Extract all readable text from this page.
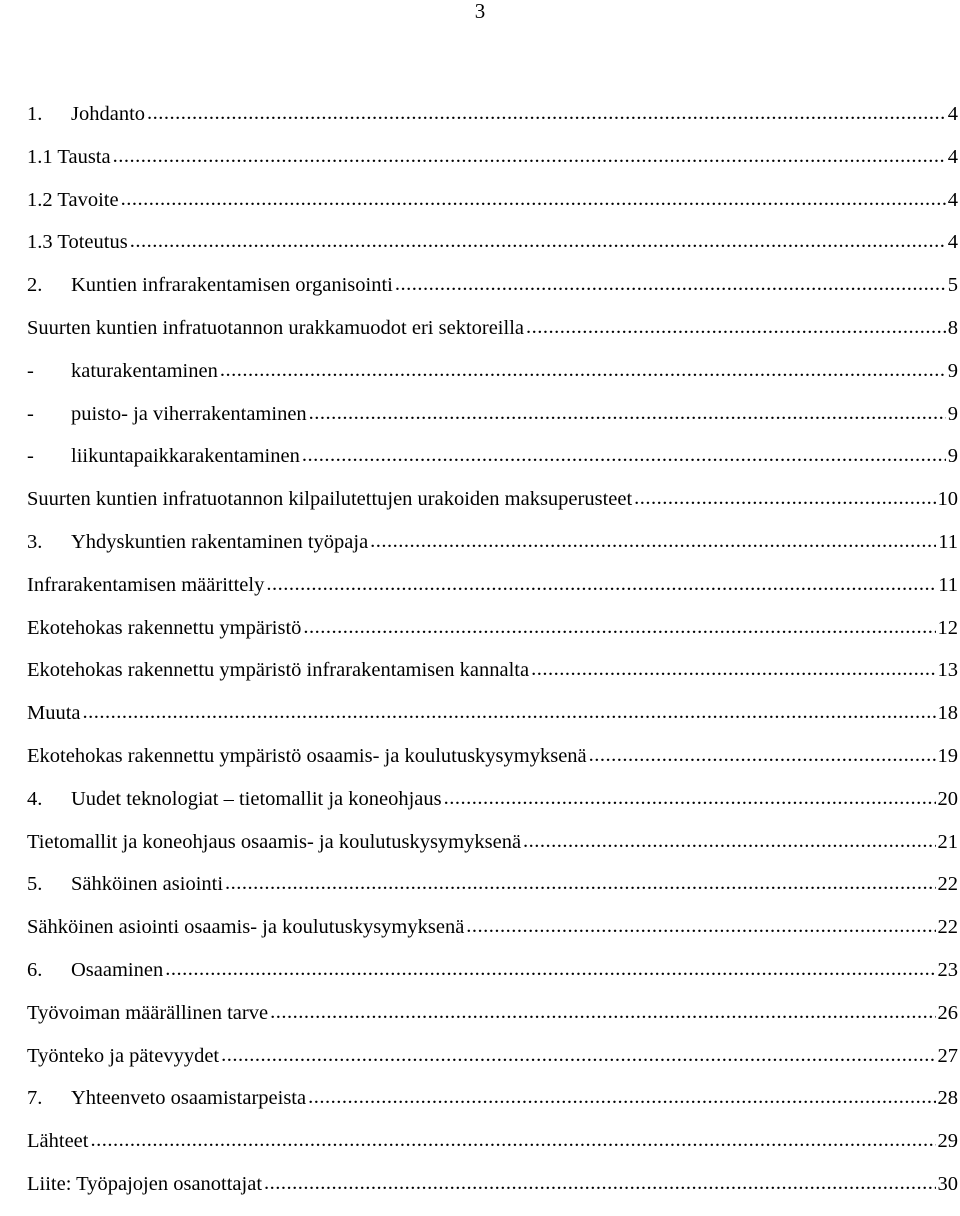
3
1.	Johdanto .....	4
1.1 Tausta .....	4
1.2 Tavoite .....	4
1.3 Toteutus .....	4
2.	Kuntien infrarakentamisen organisointi .....	5
Suurten kuntien infratuotannon urakkamuodot eri sektoreilla .....	8
-	katurakentaminen .....	9
-	puisto- ja viherrakentaminen .....	9
-	liikuntapaikkarakentaminen .....	9
Suurten kuntien infratuotannon kilpailutettujen urakoiden maksuperusteet .....	10
3.	Yhdyskuntien rakentaminen työpaja .....	11
Infrarakentamisen määrittely .....	11
Ekotehokas rakennettu ympäristö .....	12
Ekotehokas rakennettu ympäristö infrarakentamisen kannalta .....	13
Muuta .....	18
Ekotehokas rakennettu ympäristö osaamis- ja koulutuskysymyksenä .....	19
4.	Uudet teknologiat – tietomallit ja koneohjaus .....	20
Tietomallit ja koneohjaus osaamis- ja koulutuskysymyksenä .....	21
5.	Sähköinen asiointi .....	22
Sähköinen asiointi osaamis- ja koulutuskysymyksenä .....	22
6.	Osaaminen .....	23
Työvoiman määrällinen tarve .....	26
Työnteko ja pätevyydet .....	27
7.	Yhteenveto osaamistarpeista .....	28
Lähteet .....	29
Liite: Työpajojen osanottajat .....	30
